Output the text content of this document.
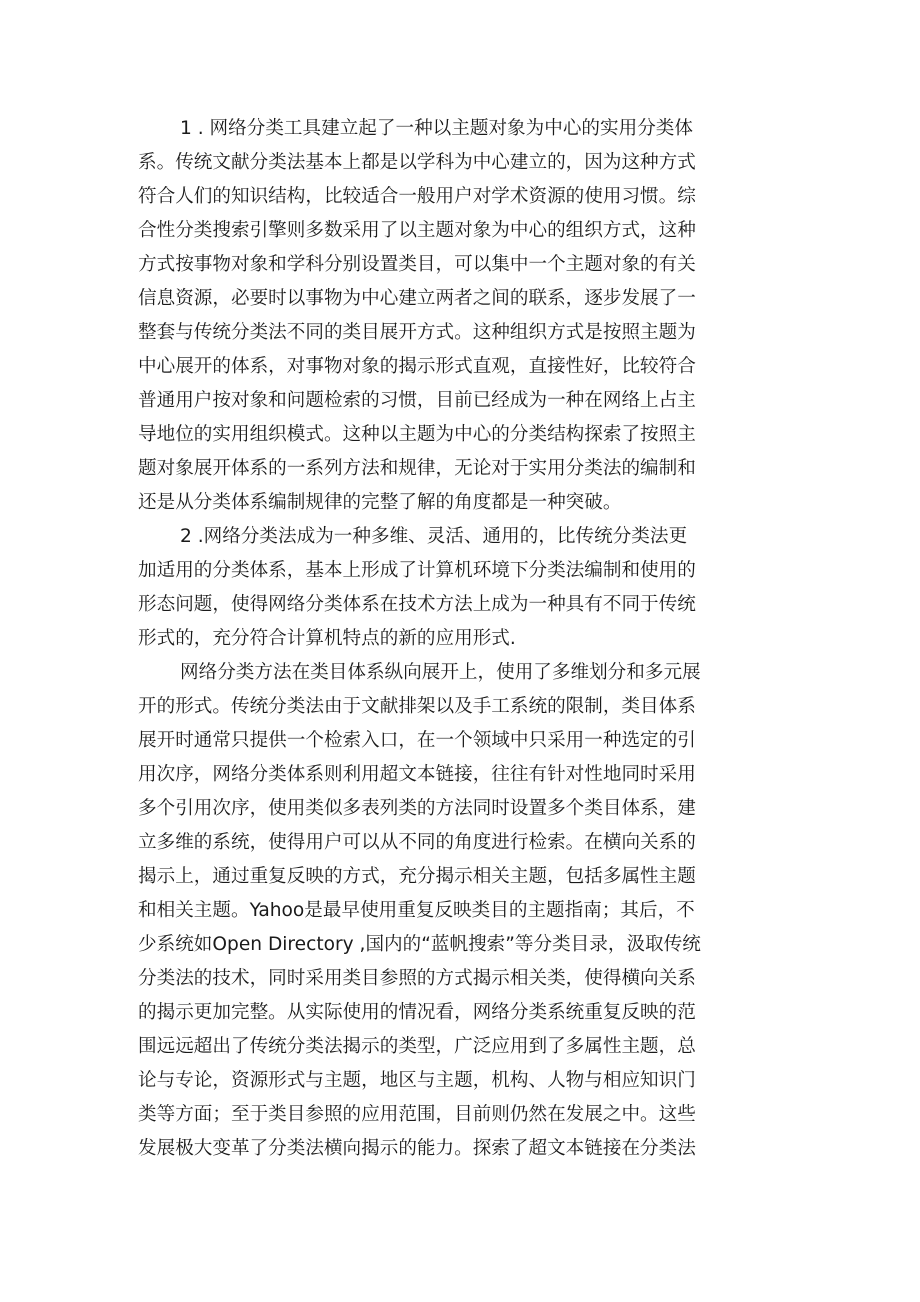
1 . 网络分类工具建立起了一种以主题对象为中心的实用分类体
系。传统文献分类法基本上都是以学科为中心建立的，因为这种方式
符合人们的知识结构，比较适合一般用户对学术资源的使用习惯。综
合性分类搜索引擎则多数采用了以主题对象为中心的组织方式，这种
方式按事物对象和学科分别设置类目，可以集中一个主题对象的有关
信息资源，必要时以事物为中心建立两者之间的联系，逐步发展了一
整套与传统分类法不同的类目展开方式。这种组织方式是按照主题为
中心展开的体系，对事物对象的揭示形式直观，直接性好，比较符合
普通用户按对象和问题检索的习惯，目前已经成为一种在网络上占主
导地位的实用组织模式。这种以主题为中心的分类结构探索了按照主
题对象展开体系的一系列方法和规律，无论对于实用分类法的编制和
还是从分类体系编制规律的完整了解的角度都是一种突破。
2 .网络分类法成为一种多维、灵活、通用的，比传统分类法更
加适用的分类体系，基本上形成了计算机环境下分类法编制和使用的
形态问题，使得网络分类体系在技术方法上成为一种具有不同于传统
形式的，充分符合计算机特点的新的应用形式.
网络分类方法在类目体系纵向展开上，使用了多维划分和多元展
开的形式。传统分类法由于文献排架以及手工系统的限制，类目体系
展开时通常只提供一个检索入口，在一个领域中只采用一种选定的引
用次序，网络分类体系则利用超文本链接，往往有针对性地同时采用
多个引用次序，使用类似多表列类的方法同时设置多个类目体系，建
立多维的系统，使得用户可以从不同的角度进行检索。在横向关系的
揭示上，通过重复反映的方式，充分揭示相关主题，包括多属性主题
和相关主题。Yahoo是最早使用重复反映类目的主题指南；其后，不
少系统如Open Directory ,国内的“蓝帆搜索”等分类目录，汲取传统
分类法的技术，同时采用类目参照的方式揭示相关类，使得横向关系
的揭示更加完整。从实际使用的情况看，网络分类系统重复反映的范
围远远超出了传统分类法揭示的类型，广泛应用到了多属性主题，总
论与专论，资源形式与主题，地区与主题，机构、人物与相应知识门
类等方面；至于类目参照的应用范围，目前则仍然在发展之中。这些
发展极大变革了分类法横向揭示的能力。探索了超文本链接在分类法
